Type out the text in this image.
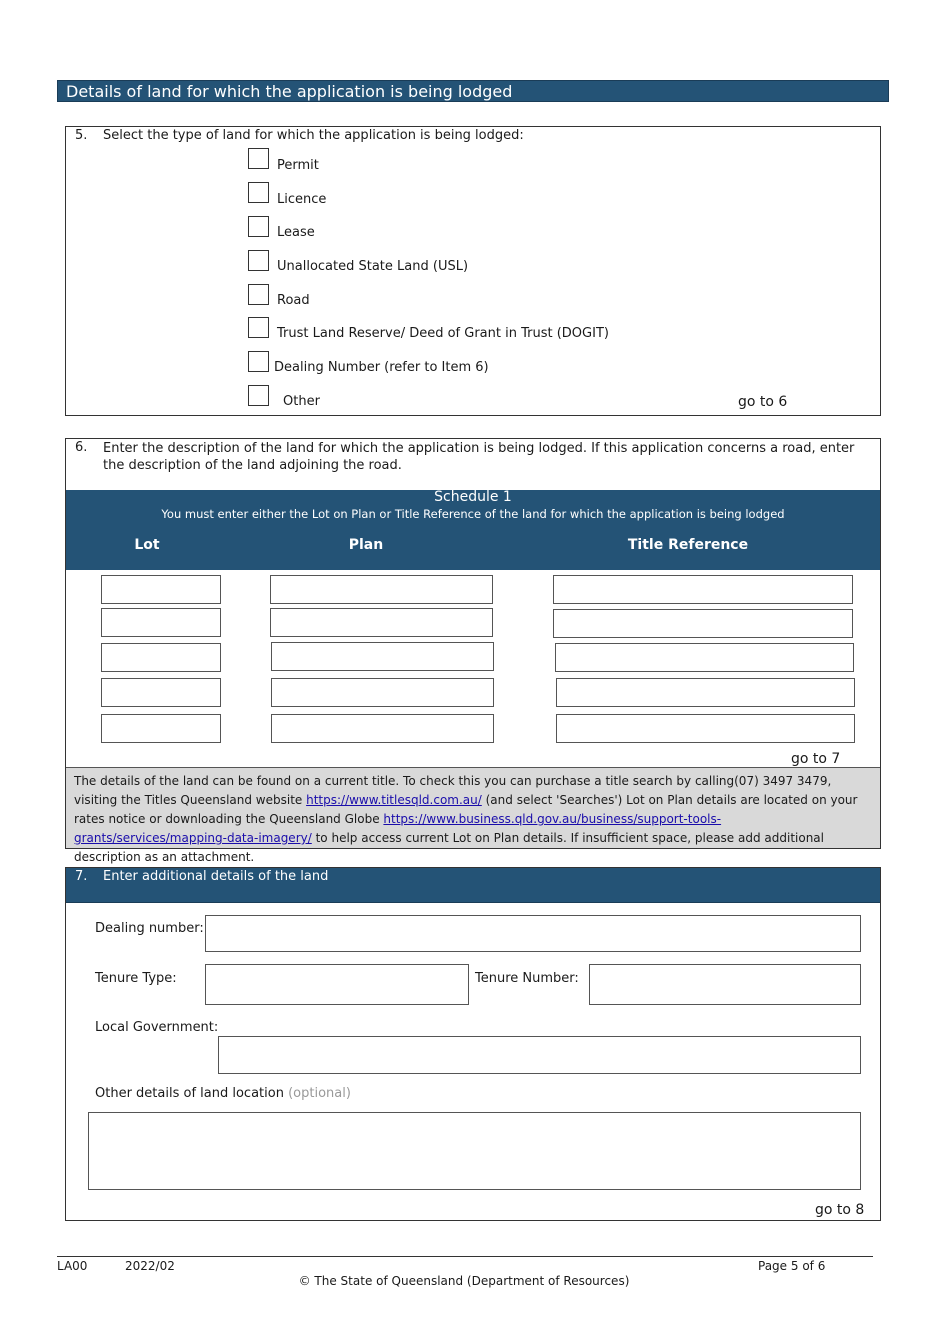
Details of land for which the application is being lodged
5. Select the type of land for which the application is being lodged:
Permit
Licence
Lease
Unallocated State Land (USL)
Road
Trust Land Reserve/ Deed of Grant in Trust (DOGIT)
Dealing Number (refer to Item 6)
Other	go to 6
6. Enter the description of the land for which the application is being lodged. If this application concerns a road, enter the description of the land adjoining the road.
Schedule 1
You must enter either the Lot on Plan or Title Reference of the land for which the application is being lodged
Lot	Plan	Title Reference
go to 7
The details of the land can be found on a current title. To check this you can purchase a title search by calling(07) 3497 3479, visiting the Titles Queensland website https://www.titlesqld.com.au/ (and select 'Searches') Lot on Plan details are located on your rates notice or downloading the Queensland Globe https://www.business.qld.gov.au/business/support-tools-grants/services/mapping-data-imagery/ to help access current Lot on Plan details. If insufficient space, please add additional description as an attachment.
7. Enter additional details of the land
Dealing number:
Tenure Type:	Tenure Number:
Local Government:
Other details of land location (optional)
go to 8
LA00	2022/02	Page 5 of 6
© The State of Queensland (Department of Resources)
